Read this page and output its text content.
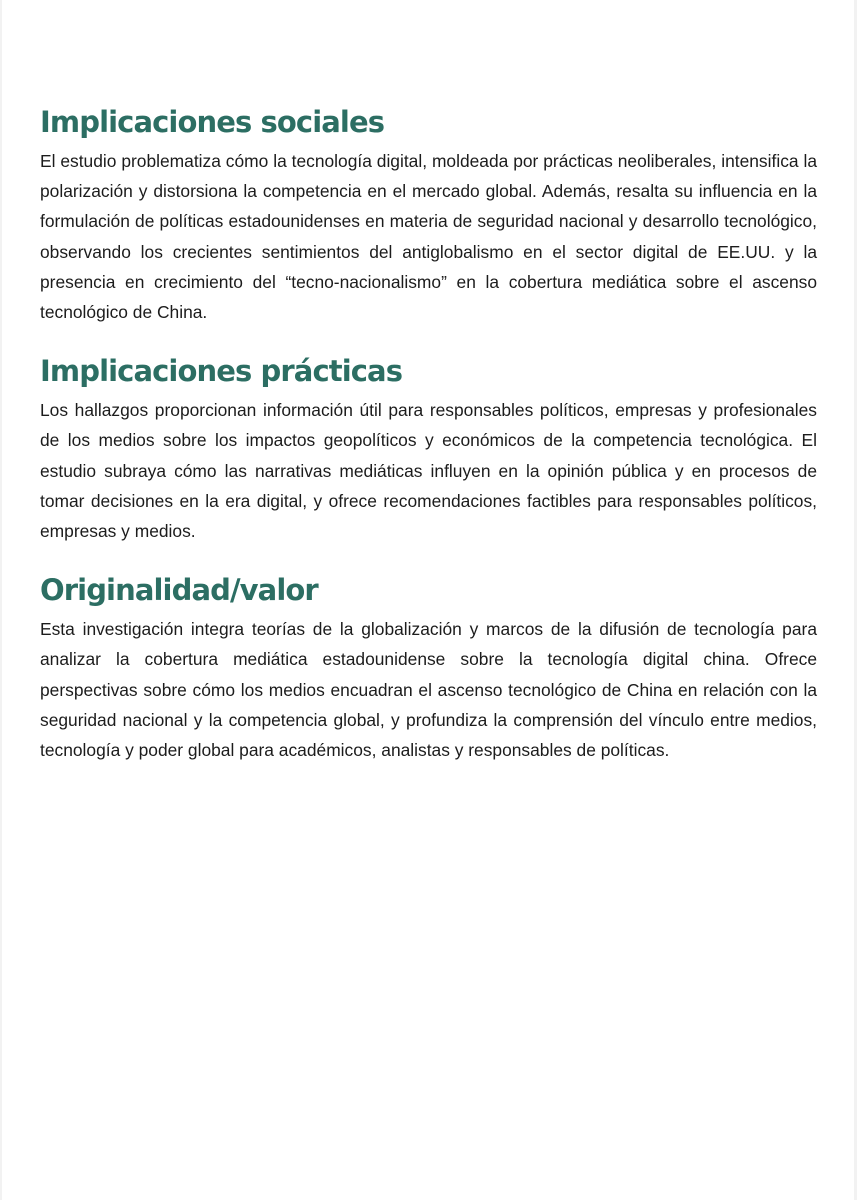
Implicaciones sociales

El estudio problematiza cómo la tecnología digital, moldeada por prácticas neoliberales, intensifica la polarización y distorsiona la competencia en el mercado global. Además, resalta su influencia en la formulación de políticas estadounidenses en materia de seguridad nacional y desarrollo tecnológico, observando los crecientes sentimientos del antiglobalismo en el sector digital de EE.UU. y la presencia en crecimiento del “tecno-nacionalismo” en la cobertura mediática sobre el ascenso tecnológico de China.

Implicaciones prácticas

Los hallazgos proporcionan información útil para responsables políticos, empresas y profesionales de los medios sobre los impactos geopolíticos y económicos de la competencia tecnológica. El estudio subraya cómo las narrativas mediáticas influyen en la opinión pública y en procesos de tomar decisiones en la era digital, y ofrece recomendaciones factibles para responsables políticos, empresas y medios.

Originalidad/valor

Esta investigación integra teorías de la globalización y marcos de la difusión de tecnología para analizar la cobertura mediática estadounidense sobre la tecnología digital china. Ofrece perspectivas sobre cómo los medios encuadran el ascenso tecnológico de China en relación con la seguridad nacional y la competencia global, y profundiza la comprensión del vínculo entre medios, tecnología y poder global para académicos, analistas y responsables de políticas.
